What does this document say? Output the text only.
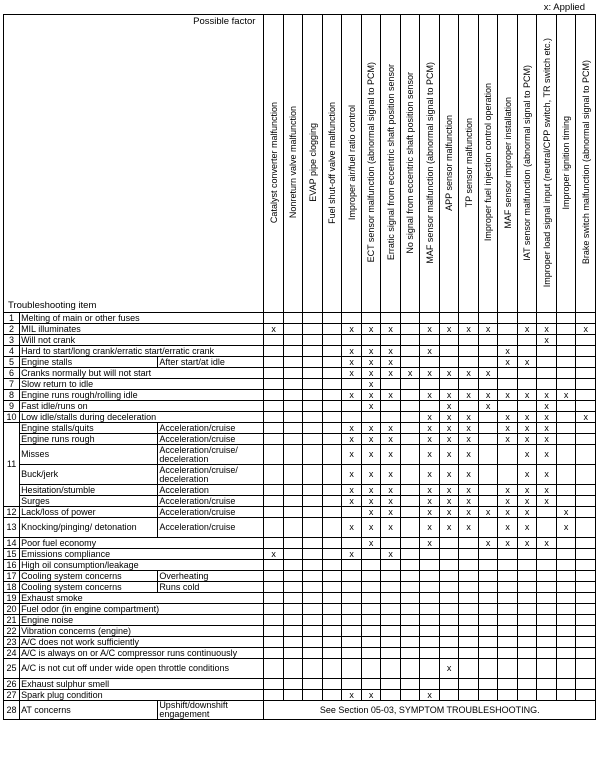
x: Applied
Possible factor
Troubleshooting item			Catalyst converter malfunction	Nonreturn valve malfunction	EVAP pipe clogging	Fuel shut-off valve malfunction	Improper air/fuel ratio control	ECT sensor malfunction (abnormal signal to PCM)	Erratic signal from eccentric shaft position sensor	No signal from eccentric shaft position sensor	MAF sensor malfunction (abnormal signal to PCM)	APP sensor malfunction	TP sensor malfunction	Improper fuel injection control operation	MAF sensor improper installation	IAT sensor malfunction (abnormal signal to PCM)	Improper load signal input (neutral/CPP switch, TR switch etc.)	Improper ignition timing	Brake switch malfunction (abnormal signal to PCM)
1	Melting of main or other fuses																		
2	MIL illuminates		x				x	x	x		x	x	x	x		x	x		x
3	Will not crank																x		
4	Hard to start/long crank/erratic start/erratic crank						x	x	x		x				x				
5	Engine stalls	After start/at idle					x	x	x						x	x			
6	Cranks normally but will not start						x	x	x	x	x	x	x	x					
7	Slow return to idle							x											
8	Engine runs rough/rolling idle						x	x	x		x	x	x	x	x	x	x	x	
9	Fast idle/runs on							x				x		x			x		
10	Low idle/stalls during deceleration										x	x	x		x	x	x		x
11	Engine stalls/quits	Acceleration/cruise					x	x	x		x	x	x		x	x	x		
	Engine runs rough	Acceleration/cruise					x	x	x		x	x	x		x	x	x		
	Misses	Acceleration/cruise/ deceleration					x	x	x		x	x	x			x	x		
	Buck/jerk	Acceleration/cruise/ deceleration					x	x	x		x	x	x			x	x		
	Hesitation/stumble	Acceleration					x	x	x		x	x	x		x	x	x		
	Surges	Acceleration/cruise					x	x	x		x	x	x		x	x	x		
12	Lack/loss of power	Acceleration/cruise						x	x		x	x	x	x	x	x		x	
13	Knocking/pinging/ detonation	Acceleration/cruise					x	x	x		x	x	x		x	x		x	
14	Poor fuel economy							x			x			x	x	x	x		
15	Emissions compliance		x				x		x										
16	High oil consumption/leakage																		
17	Cooling system concerns	Overheating																	
18	Cooling system concerns	Runs cold																	
19	Exhaust smoke																		
20	Fuel odor (in engine compartment)																		
21	Engine noise																		
22	Vibration concerns (engine)																		
23	A/C does not work sufficiently																		
24	A/C is always on or A/C compressor runs continuously																		
25	A/C is not cut off under wide open throttle conditions											x							
26	Exhaust sulphur smell																		
27	Spark plug condition						x	x			x								
28	AT concerns	Upshift/downshift engagement	See Section 05-03, SYMPTOM TROUBLESHOOTING.																
